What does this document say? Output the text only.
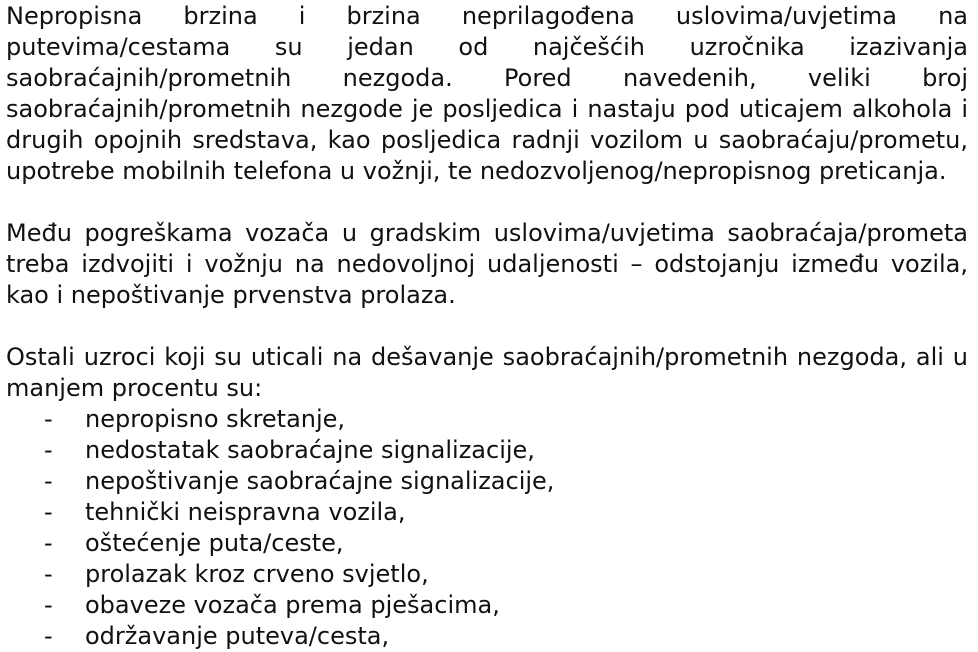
Nepropisna brzina i brzina neprilagođena uslovima/uvjetima na putevima/cestama su jedan od najčešćih uzročnika izazivanja saobraćajnih/prometnih nezgoda. Pored navedenih, veliki broj saobraćajnih/prometnih nezgode je posljedica i nastaju pod uticajem alkohola i drugih opojnih sredstava, kao posljedica radnji vozilom u saobraćaju/prometu, upotrebe mobilnih telefona u vožnji, te nedozvoljenog/nepropisnog preticanja.

Među pogreškama vozača u gradskim uslovima/uvjetima saobraćaja/prometa treba izdvojiti i vožnju na nedovoljnoj udaljenosti – odstojanju između vozila, kao i nepoštivanje prvenstva prolaza.

Ostali uzroci koji su uticali na dešavanje saobraćajnih/prometnih nezgoda, ali u manjem procentu su:

- nepropisno skretanje,
- nedostatak saobraćajne signalizacije,
- nepoštivanje saobraćajne signalizacije,
- tehnički neispravna vozila,
- oštećenje puta/ceste,
- prolazak kroz crveno svjetlo,
- obaveze vozača prema pješacima,
- održavanje puteva/cesta,
